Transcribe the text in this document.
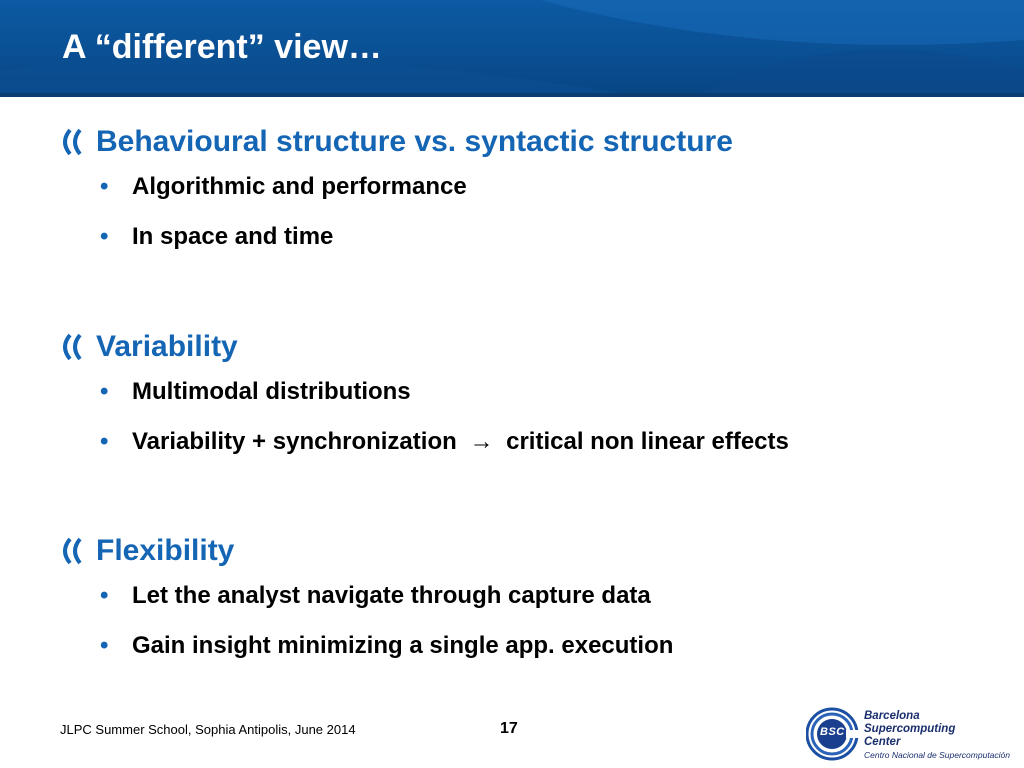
A “different” view…
Behavioural structure vs. syntactic structure
• Algorithmic and performance
• In space and time
Variability
• Multimodal distributions
• Variability + synchronization → critical non linear effects
Flexibility
• Let the analyst navigate through capture data
• Gain insight minimizing a single app. execution
JLPC Summer School, Sophia Antipolis, June 2014	17	BSC
Barcelona
Supercomputing
Center
Centro Nacional de Supercomputación
